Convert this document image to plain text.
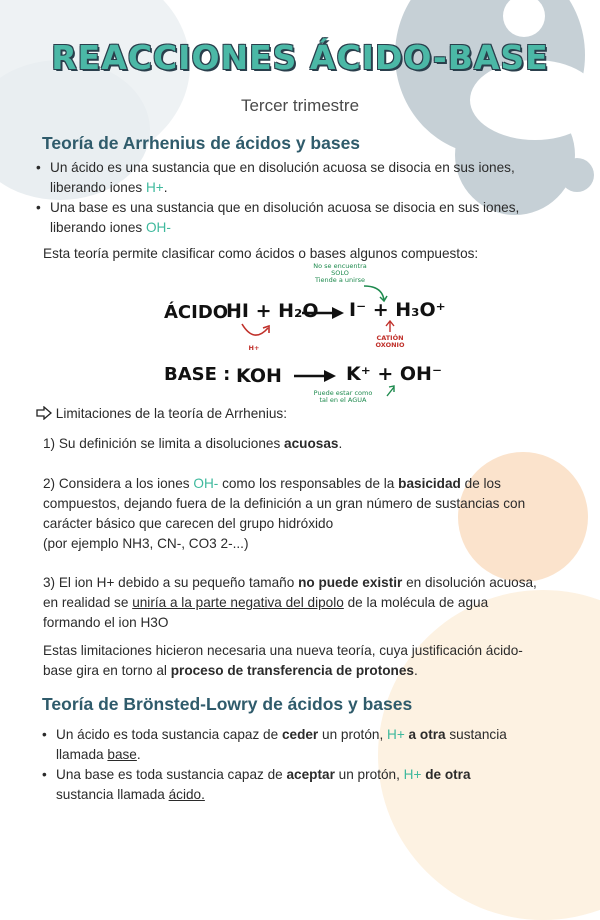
REACCIONES ÁCIDO-BASE
Tercer trimestre
Teoría de Arrhenius de ácidos y bases
• Un ácido es una sustancia que en disolución acuosa se disocia en sus iones,
liberando iones H+.
• Una base es una sustancia que en disolución acuosa se disocia en sus iones,
liberando iones OH-
Esta teoría permite clasificar como ácidos o bases algunos compuestos:
No se encuentra
SOLO
Tiende a unirse
ÁCIDO :
HI + H₂O → I⁻ + H₃O⁺
H+
CATIÓN
OXONIO
BASE : KOH → K⁺ + OH⁻
Puede estar como
tal en el AGUA
Limitaciones de la teoría de Arrhenius:
1) Su definición se limita a disoluciones acuosas.
2) Considera a los iones OH- como los responsables de la basicidad de los
compuestos, dejando fuera de la definición a un gran número de sustancias con
carácter básico que carecen del grupo hidróxido
(por ejemplo NH3, CN-, CO3 2-...)
3) El ion H+ debido a su pequeño tamaño no puede existir en disolución acuosa,
en realidad se uniría a la parte negativa del dipolo de la molécula de agua
formando el ion H3O
Estas limitaciones hicieron necesaria una nueva teoría, cuya justificación ácido-
base gira en torno al proceso de transferencia de protones.
Teoría de Brönsted-Lowry de ácidos y bases
• Un ácido es toda sustancia capaz de ceder un protón, H+ a otra sustancia
llamada base.
• Una base es toda sustancia capaz de aceptar un protón, H+ de otra
sustancia llamada ácido.
